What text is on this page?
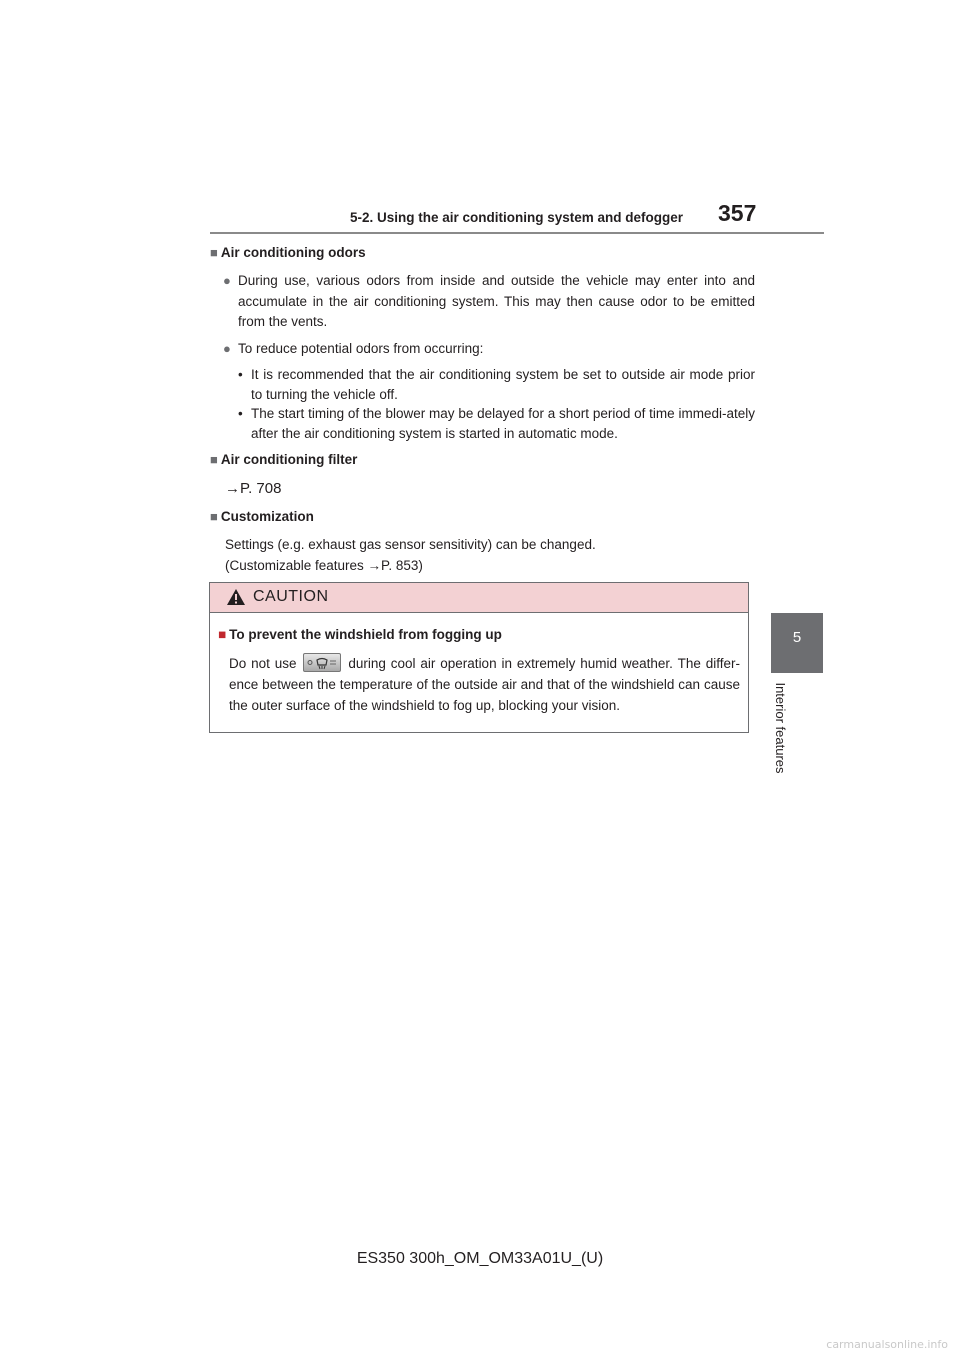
5-2. Using the air conditioning system and defogger 357
5
Interior features
■ Air conditioning odors
● During use, various odors from inside and outside the vehicle may enter into and accumulate in the air conditioning system. This may then cause odor to be emitted from the vents.
● To reduce potential odors from occurring:
• It is recommended that the air conditioning system be set to outside air mode prior to turning the vehicle off.
• The start timing of the blower may be delayed for a short period of time immedi-ately after the air conditioning system is started in automatic mode.
■ Air conditioning filter
→P. 708
■ Customization
Settings (e.g. exhaust gas sensor sensitivity) can be changed.
(Customizable features →P. 853)
CAUTION
■ To prevent the windshield from fogging up
Do not use	during cool air operation in extremely humid weather. The differ-ence between the temperature of the outside air and that of the windshield can cause the outer surface of the windshield to fog up, blocking your vision.
ES350 300h_OM_OM33A01U_(U)
carmanualsonline.info
